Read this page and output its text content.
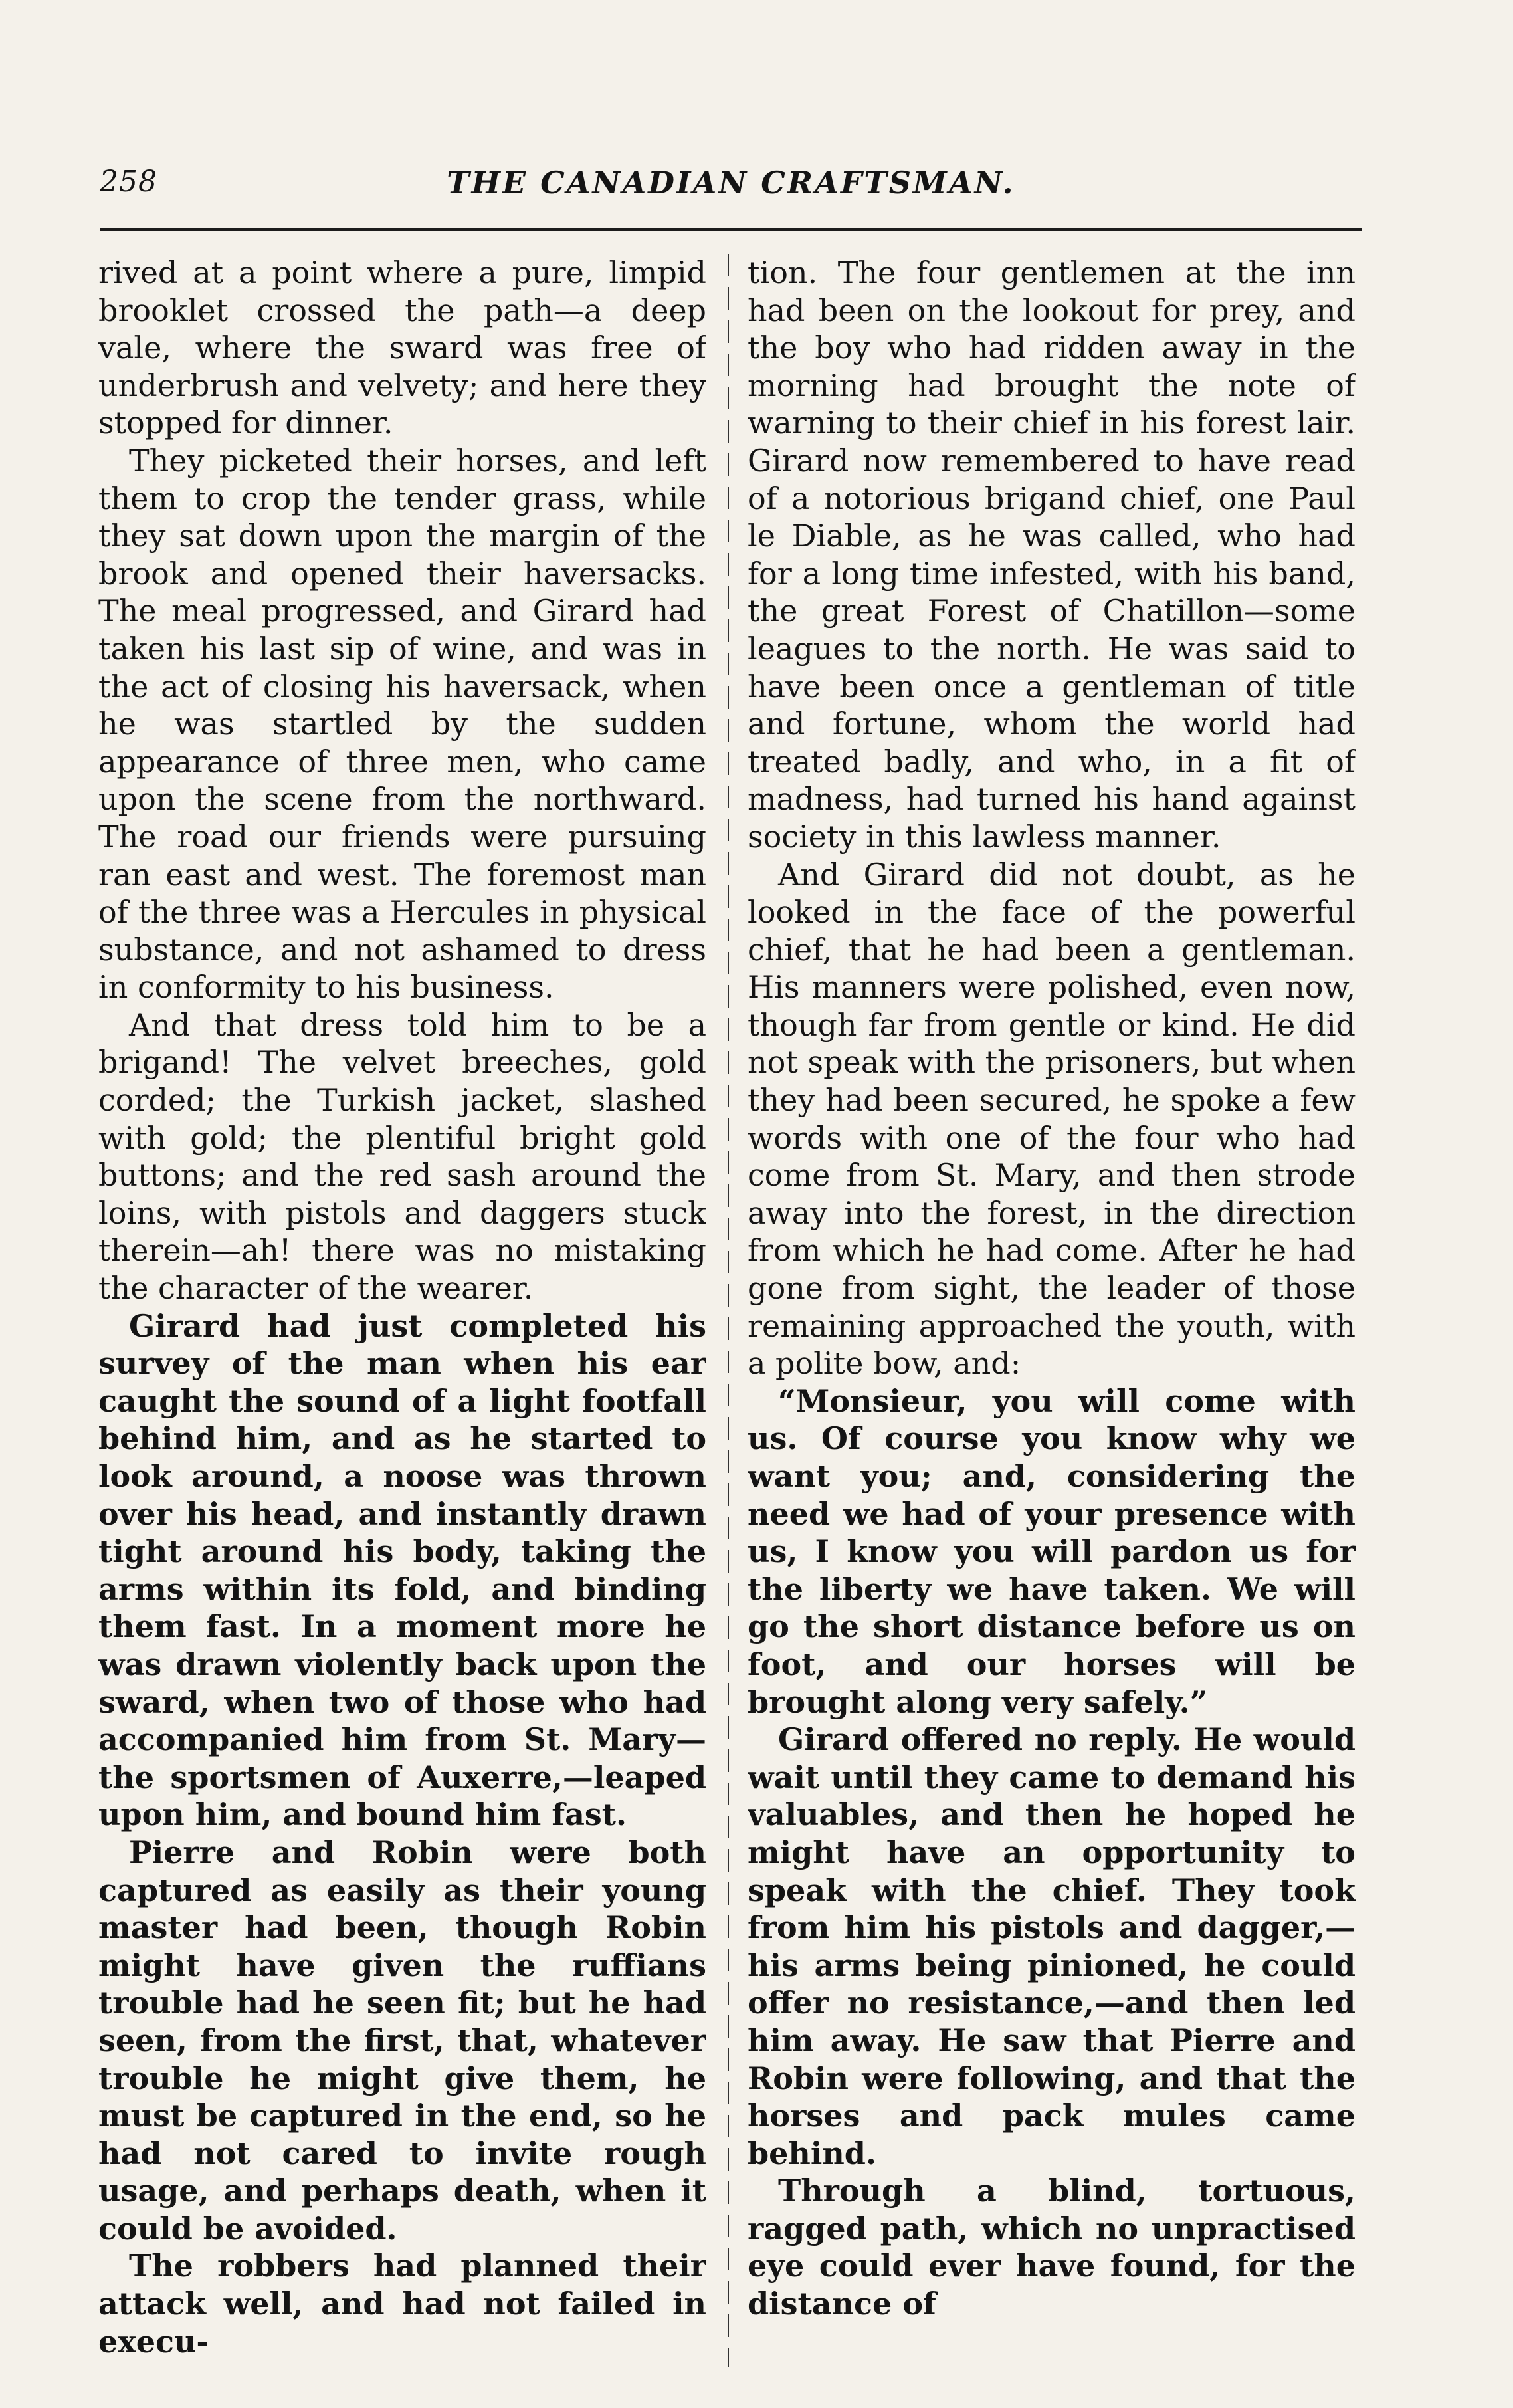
258	THE CANADIAN CRAFTSMAN.

rived at a point where a pure, limpid brooklet crossed the path—a deep vale, where the sward was free of underbrush and velvety; and here they stopped for dinner.

They picketed their horses, and left them to crop the tender grass, while they sat down upon the margin of the brook and opened their haversacks. The meal progressed, and Girard had taken his last sip of wine, and was in the act of closing his haversack, when he was startled by the sudden appearance of three men, who came upon the scene from the northward. The road our friends were pursuing ran east and west. The foremost man of the three was a Hercules in physical substance, and not ashamed to dress in conformity to his business.

And that dress told him to be a brigand! The velvet breeches, gold corded; the Turkish jacket, slashed with gold; the plentiful bright gold buttons; and the red sash around the loins, with pistols and daggers stuck therein—ah! there was no mistaking the character of the wearer.

Girard had just completed his survey of the man when his ear caught the sound of a light footfall behind him, and as he started to look around, a noose was thrown over his head, and instantly drawn tight around his body, taking the arms within its fold, and binding them fast. In a moment more he was drawn violently back upon the sward, when two of those who had accompanied him from St. Mary—the sportsmen of Auxerre,—leaped upon him, and bound him fast.

Pierre and Robin were both captured as easily as their young master had been, though Robin might have given the ruffians trouble had he seen fit; but he had seen, from the first, that, whatever trouble he might give them, he must be captured in the end, so he had not cared to invite rough usage, and perhaps death, when it could be avoided.

The robbers had planned their attack well, and had not failed in execu-

tion. The four gentlemen at the inn had been on the lookout for prey, and the boy who had ridden away in the morning had brought the note of warning to their chief in his forest lair. Girard now remembered to have read of a notorious brigand chief, one Paul le Diable, as he was called, who had for a long time infested, with his band, the great Forest of Chatillon—some leagues to the north. He was said to have been once a gentleman of title and fortune, whom the world had treated badly, and who, in a fit of madness, had turned his hand against society in this lawless manner.

And Girard did not doubt, as he looked in the face of the powerful chief, that he had been a gentleman. His manners were polished, even now, though far from gentle or kind. He did not speak with the prisoners, but when they had been secured, he spoke a few words with one of the four who had come from St. Mary, and then strode away into the forest, in the direction from which he had come. After he had gone from sight, the leader of those remaining approached the youth, with a polite bow, and:

“Monsieur, you will come with us. Of course you know why we want you; and, considering the need we had of your presence with us, I know you will pardon us for the liberty we have taken. We will go the short distance before us on foot, and our horses will be brought along very safely.”

Girard offered no reply. He would wait until they came to demand his valuables, and then he hoped he might have an opportunity to speak with the chief. They took from him his pistols and dagger,—his arms being pinioned, he could offer no resistance,—and then led him away. He saw that Pierre and Robin were following, and that the horses and pack mules came behind.

Through a blind, tortuous, ragged path, which no unpractised eye could ever have found, for the distance of
